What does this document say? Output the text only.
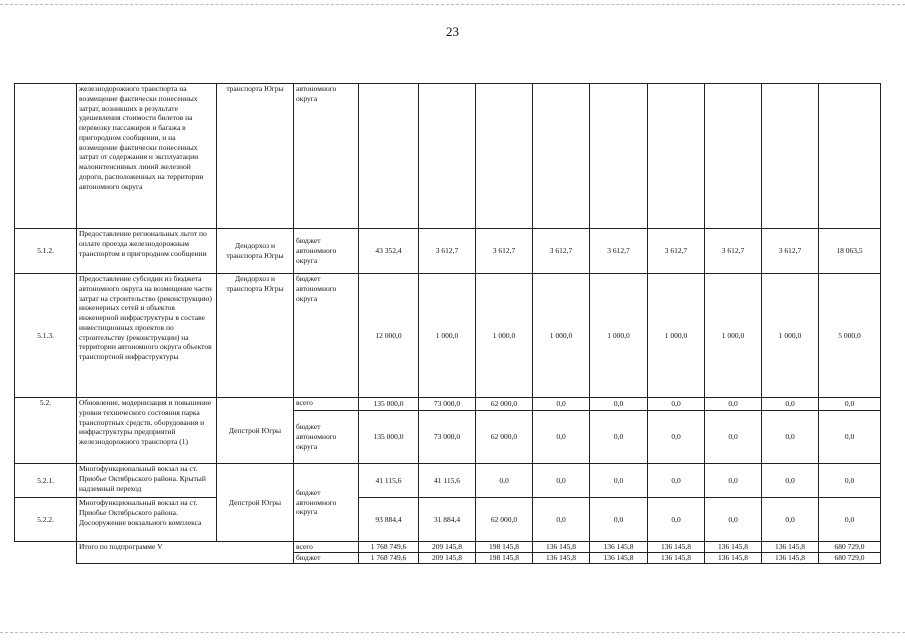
23
	железнодорожного транспорта на возмещение фактически понесенных затрат, возникших в результате удешевления стоимости билетов на перевозку пассажиров и багажа в пригородном сообщении, и на возмещение фактически понесенных затрат от содержания и эксплуатации малоинтенсивных линий железной дороги, расположенных на территории автономного округа	транспорта Югры	автономного округа									
5.1.2.	Предоставление региональных льгот по оплате проезда железнодорожным транспортом в пригородном сообщении	Дендорхоз и транспорта Югры	бюджет автономного округа	43 352,4	3 612,7	3 612,7	3 612,7	3 612,7	3 612,7	3 612,7	3 612,7	18 063,5
5.1.3.	Предоставление субсидии из бюджета автономного округа на возмещение части затрат на строительство (реконструкцию) инженерных сетей и объектов инженерной инфраструктуры в составе инвестиционных проектов по строительству (реконструкции) на территории автономного округа объектов транспортной инфраструктуры	Дендорхоз и транспорта Югры	бюджет автономного округа	12 000,0	1 000,0	1 000,0	1 000,0	1 000,0	1 000,0	1 000,0	1 000,0	5 000,0
5.2.	Обновление, модернизация и повышение уровня технического состояния парка транспортных средств, оборудования и инфраструктуры предприятий железнодорожного транспорта (1)	Депстрой Югры	всего	135 000,0	73 000,0	62 000,0	0,0	0,0	0,0	0,0	0,0	0,0
			бюджет автономного округа	135 000,0	73 000,0	62 000,0	0,0	0,0	0,0	0,0	0,0	0,0
5.2.1.	Многофункциональный вокзал на ст. Приобье Октябрьского района. Крытый надземный переход	Депстрой Югры	бюджет автономного округа	41 115,6	41 115,6	0,0	0,0	0,0	0,0	0,0	0,0	0,0
5.2.2.	Многофункциональный вокзал на ст. Приобье Октябрьского района. Досооружение вокзального комплекса			93 884,4	31 884,4	62 000,0	0,0	0,0	0,0	0,0	0,0	0,0
	Итого по подпрограмме V		всего	1 768 749,6	209 145,8	198 145,8	136 145,8	136 145,8	136 145,8	136 145,8	136 145,8	680 729,0
			бюджет	1 768 749,6	209 145,8	198 145,8	136 145,8	136 145,8	136 145,8	136 145,8	136 145,8	680 729,0
